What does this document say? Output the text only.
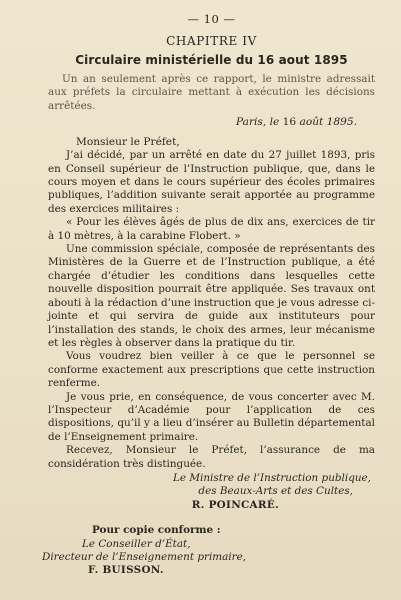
— 10 —
CHAPITRE IV
Circulaire ministérielle du 16 aout 1895

Un an seulement après ce rapport, le ministre adressait aux préfets la circulaire mettant à exécution les décisions arrêtées.

Paris, le 16 août 1895.
Monsieur le Préfet,

J’ai décidé, par un arrêté en date du 27 juillet 1893, pris en Conseil supérieur de l’Instruction publique, que, dans le cours moyen et dans le cours supérieur des écoles primaires publiques, l’addition suivante serait apportée au programme des exercices militaires :

« Pour les élèves âgés de plus de dix ans, exercices de tir à 10 mètres, à la carabine Flobert. »

Une commission spéciale, composée de représentants des Ministères de la Guerre et de l’Instruction publique, a été chargée d’étudier les conditions dans lesquelles cette nouvelle disposition pourrait être appliquée. Ses travaux ont abouti à la rédaction d’une instruction que je vous adresse ci-jointe et qui servira de guide aux instituteurs pour l’installation des stands, le choix des armes, leur mécanisme et les règles à observer dans la pratique du tir.

Vous voudrez bien veiller à ce que le personnel se conforme exactement aux prescriptions que cette instruction renferme.

Je vous prie, en conséquence, de vous concerter avec M. l’Inspecteur d’Académie pour l’application de ces dispositions, qu’il y a lieu d’insérer au Bulletin départemental de l’Enseignement primaire.

Recevez, Monsieur le Préfet, l’assurance de ma considération très distinguée.

Le Ministre de l’Instruction publique,
des Beaux-Arts et des Cultes,
R. POINCARÉ.
Pour copie conforme :
Le Conseiller d’État,
Directeur de l’Enseignement primaire,
F. BUISSON.
